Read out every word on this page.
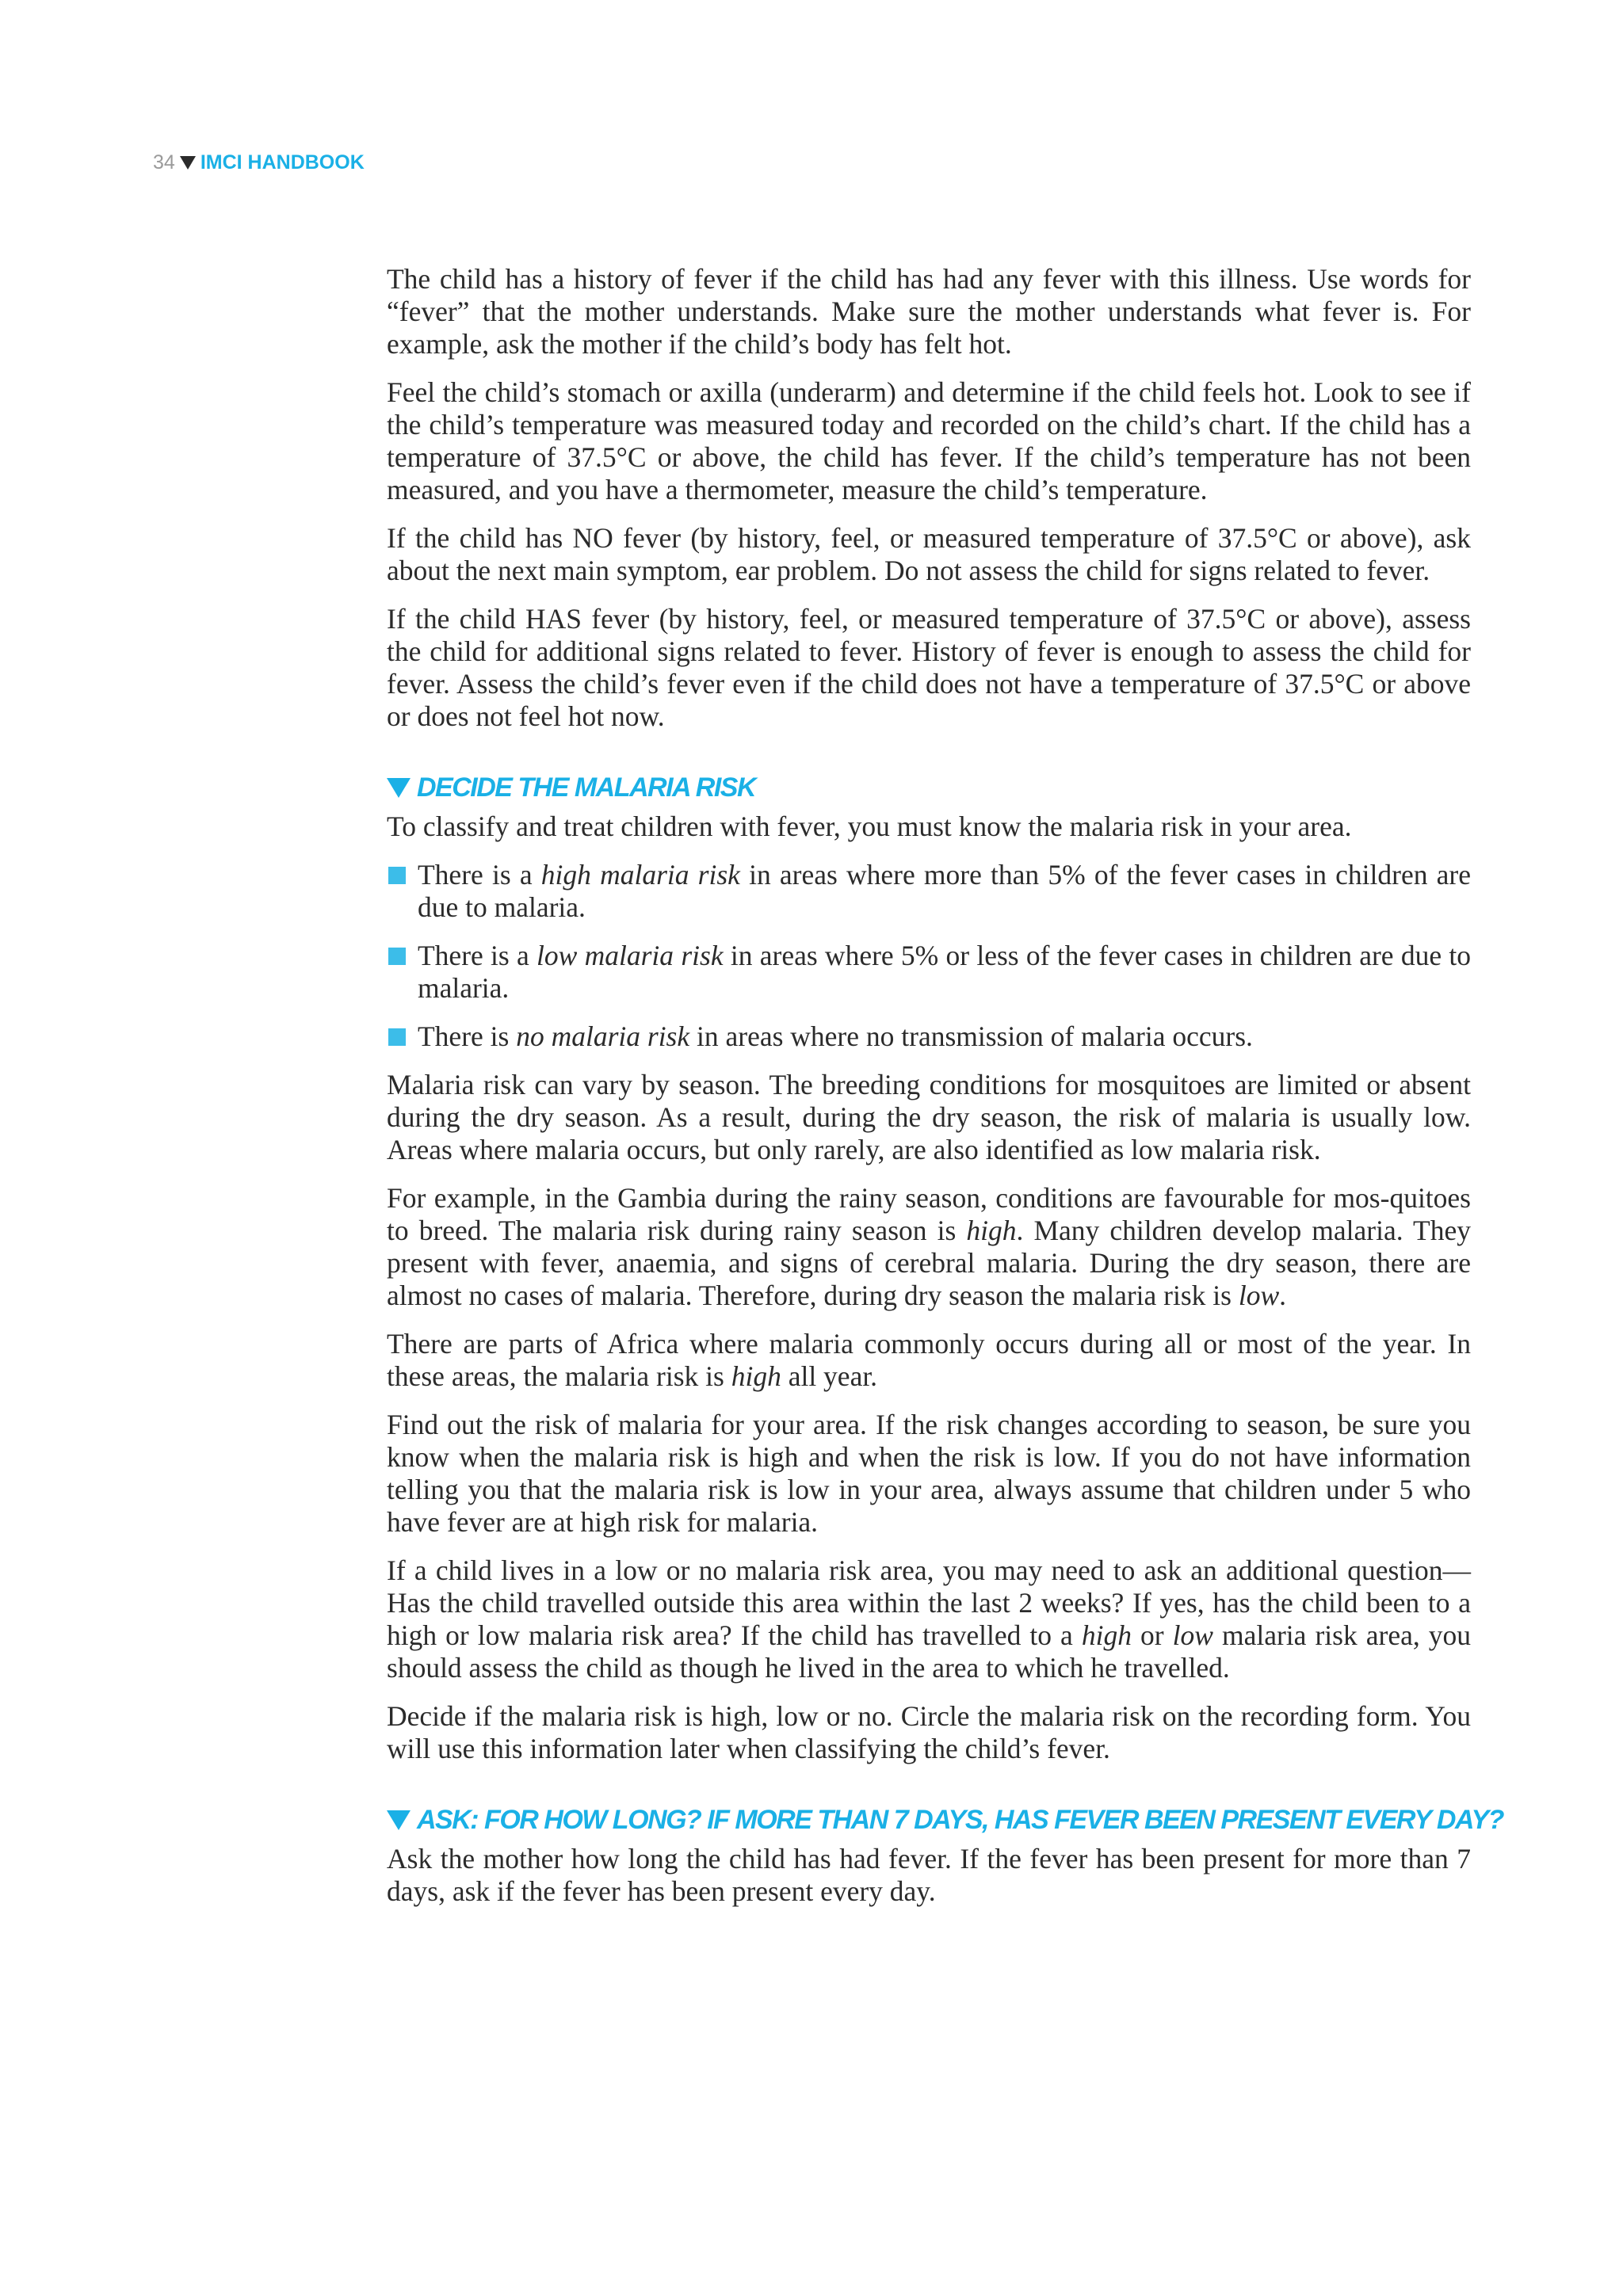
34 IMCI HANDBOOK

The child has a history of fever if the child has had any fever with this illness. Use words for “fever” that the mother understands. Make sure the mother understands what fever is. For example, ask the mother if the child’s body has felt hot.

Feel the child’s stomach or axilla (underarm) and determine if the child feels hot. Look to see if the child’s temperature was measured today and recorded on the child’s chart. If the child has a temperature of 37.5°C or above, the child has fever. If the child’s temperature has not been measured, and you have a thermometer, measure the child’s temperature.

If the child has NO fever (by history, feel, or measured temperature of 37.5°C or above), ask about the next main symptom, ear problem. Do not assess the child for signs related to fever.

If the child HAS fever (by history, feel, or measured temperature of 37.5°C or above), assess the child for additional signs related to fever. History of fever is enough to assess the child for fever. Assess the child’s fever even if the child does not have a temperature of 37.5°C or above or does not feel hot now.

DECIDE THE MALARIA RISK

To classify and treat children with fever, you must know the malaria risk in your area.

There is a high malaria risk in areas where more than 5% of the fever cases in children are due to malaria.
There is a low malaria risk in areas where 5% or less of the fever cases in children are due to malaria.
There is no malaria risk in areas where no transmission of malaria occurs.

Malaria risk can vary by season. The breeding conditions for mosquitoes are limited or absent during the dry season. As a result, during the dry season, the risk of malaria is usually low. Areas where malaria occurs, but only rarely, are also identified as low malaria risk.

For example, in the Gambia during the rainy season, conditions are favourable for mos-quitoes to breed. The malaria risk during rainy season is high. Many children develop malaria. They present with fever, anaemia, and signs of cerebral malaria. During the dry season, there are almost no cases of malaria. Therefore, during dry season the malaria risk is low.

There are parts of Africa where malaria commonly occurs during all or most of the year. In these areas, the malaria risk is high all year.

Find out the risk of malaria for your area. If the risk changes according to season, be sure you know when the malaria risk is high and when the risk is low. If you do not have information telling you that the malaria risk is low in your area, always assume that children under 5 who have fever are at high risk for malaria.

If a child lives in a low or no malaria risk area, you may need to ask an additional question—Has the child travelled outside this area within the last 2 weeks? If yes, has the child been to a high or low malaria risk area? If the child has travelled to a high or low malaria risk area, you should assess the child as though he lived in the area to which he travelled.

Decide if the malaria risk is high, low or no. Circle the malaria risk on the recording form. You will use this information later when classifying the child’s fever.

ASK: FOR HOW LONG? IF MORE THAN 7 DAYS, HAS FEVER BEEN PRESENT EVERY DAY?

Ask the mother how long the child has had fever. If the fever has been present for more than 7 days, ask if the fever has been present every day.
